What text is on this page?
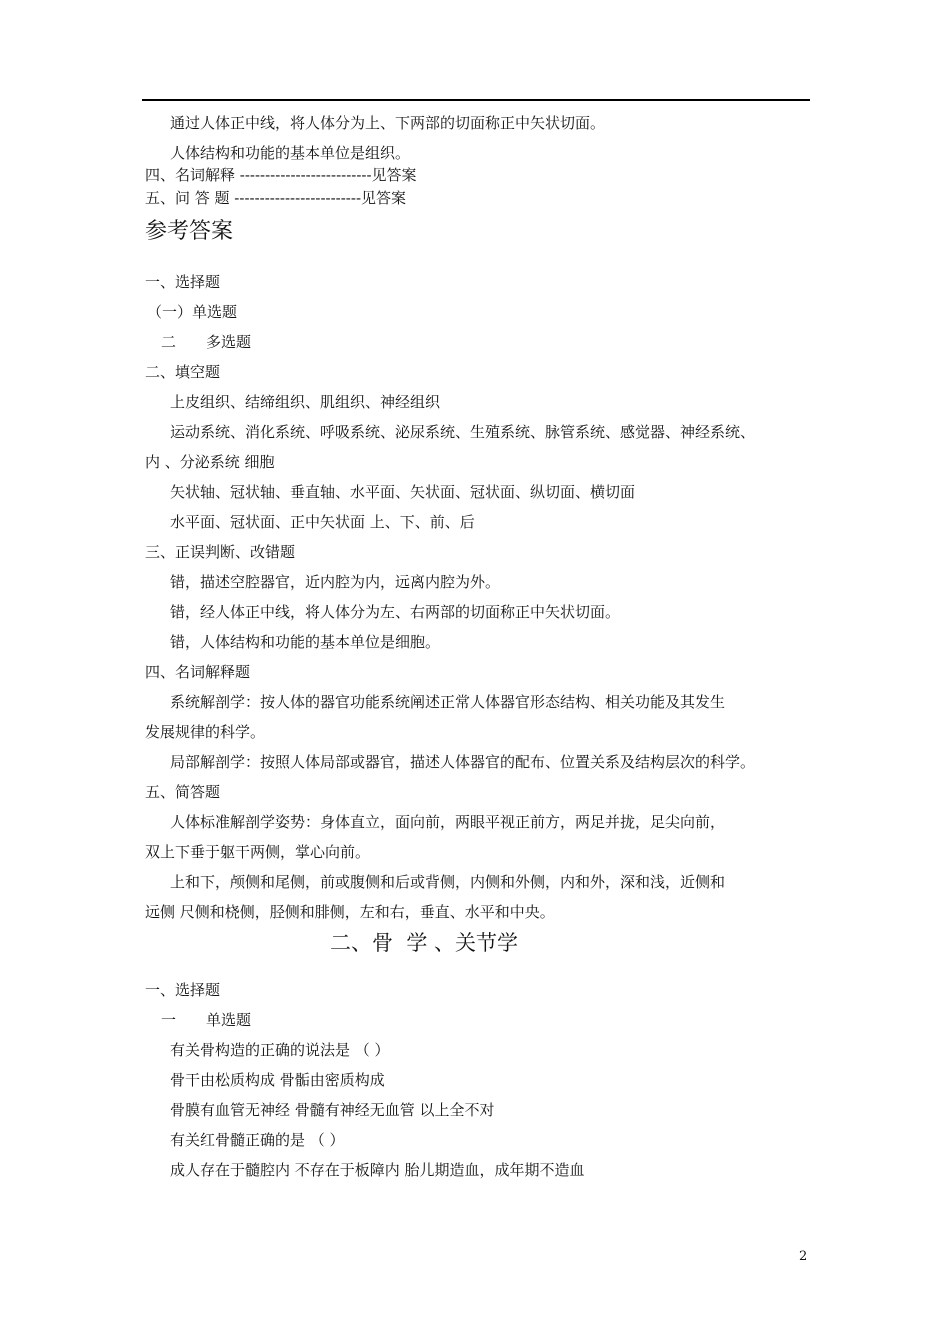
通过人体正中线，将人体分为上、下两部的切面称正中矢状切面。
人体结构和功能的基本单位是组织。
四、名词解释 --------------------------见答案
五、问 答 题 -------------------------见答案
参考答案
一、选择题
（一）单选题
二　　多选题
二、填空题
上皮组织、结缔组织、肌组织、神经组织
运动系统、消化系统、呼吸系统、泌尿系统、生殖系统、脉管系统、感觉器、神经系统、
内 、分泌系统 细胞
矢状轴、冠状轴、垂直轴、水平面、矢状面、冠状面、纵切面、横切面
水平面、冠状面、正中矢状面 上、下、前、后
三、正误判断、改错题
错，描述空腔器官，近内腔为内，远离内腔为外。
错，经人体正中线，将人体分为左、右两部的切面称正中矢状切面。
错，人体结构和功能的基本单位是细胞。
四、名词解释题
系统解剖学：按人体的器官功能系统阐述正常人体器官形态结构、相关功能及其发生
发展规律的科学。
局部解剖学：按照人体局部或器官，描述人体器官的配布、位置关系及结构层次的科学。
五、简答题
人体标准解剖学姿势：身体直立，面向前，两眼平视正前方，两足并拢，足尖向前，
双上下垂于躯干两侧，掌心向前。
上和下，颅侧和尾侧，前或腹侧和后或背侧，内侧和外侧，内和外，深和浅，近侧和
远侧 尺侧和桡侧，胫侧和腓侧，左和右，垂直、水平和中央。
二、骨  学 、关节学
一、选择题
一　　单选题
有关骨构造的正确的说法是 （ ）
骨干由松质构成 骨骺由密质构成
骨膜有血管无神经 骨髓有神经无血管 以上全不对
有关红骨髓正确的是 （ ）
成人存在于髓腔内 不存在于板障内 胎儿期造血，成年期不造血
2
